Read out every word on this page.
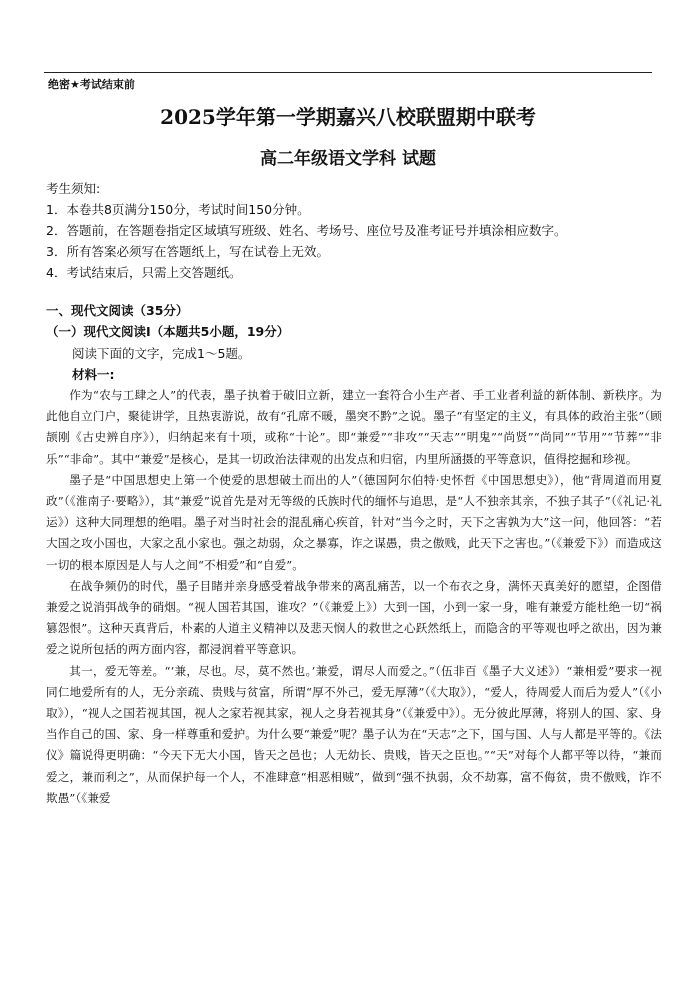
绝密★考试结束前
2025学年第一学期嘉兴八校联盟期中联考
高二年级语文学科 试题
考生须知:
1．本卷共8页满分150分，考试时间150分钟。
2．答题前，在答题卷指定区域填写班级、姓名、考场号、座位号及准考证号并填涂相应数字。
3．所有答案必须写在答题纸上，写在试卷上无效。
4．考试结束后，只需上交答题纸。
一、现代文阅读（35分）
（一）现代文阅读Ⅰ（本题共5小题，19分）
阅读下面的文字，完成1～5题。
材料一:

作为“农与工肆之人”的代表，墨子执着于破旧立新，建立一套符合小生产者、手工业者利益的新体制、新秩序。为此他自立门户，聚徒讲学，且热衷游说，故有“孔席不暖，墨突不黔”之说。墨子“有坚定的主义，有具体的政治主张”（顾颉刚《古史辨自序》），归纳起来有十项，或称“十论”。即“兼爱”“非攻”“天志”“明鬼”“尚贤”“尚同”“节用”“节葬”“非乐”“非命”。其中“兼爱”是核心，是其一切政治法律观的出发点和归宿，内里所涵摄的平等意识，值得挖掘和珍视。

墨子是“中国思想史上第一个使爱的思想破土而出的人”（德国阿尔伯特·史怀哲《中国思想史》），他“背周道而用夏政”（《淮南子·要略》），其“兼爱”说首先是对无等级的氏族时代的缅怀与追思，是“人不独亲其亲，不独子其子”（《礼记·礼运》）这种大同理想的绝唱。墨子对当时社会的混乱痛心疾首，针对“当今之时，天下之害孰为大”这一问，他回答：“若大国之攻小国也，大家之乱小家也。强之劫弱，众之暴寡，诈之谋愚，贵之傲贱，此天下之害也。”（《兼爱下》）而造成这一切的根本原因是人与人之间“不相爱”和“自爱”。

在战争频仍的时代，墨子目睹并亲身感受着战争带来的离乱痛苦，以一个布衣之身，满怀天真美好的愿望，企图借兼爱之说消弭战争的硝烟。“视人国若其国，谁攻？”（《兼爱上》）大到一国，小到一家一身，唯有兼爱方能杜绝一切“祸篡怨恨”。这种天真背后，朴素的人道主义精神以及悲天悯人的救世之心跃然纸上，而隐含的平等观也呼之欲出，因为兼爱之说所包括的两方面内容，都浸润着平等意识。

其一，爱无等差。“‘兼，尽也。尽，莫不然也。’兼爱，谓尽人而爱之。”（伍非百《墨子大义述》）“兼相爱”要求一视同仁地爱所有的人，无分亲疏、贵贱与贫富，所谓“厚不外己，爱无厚薄”（《大取》），“爱人，待周爱人而后为爱人”（《小取》），“视人之国若视其国，视人之家若视其家，视人之身若视其身”（《兼爱中》）。无分彼此厚薄，将别人的国、家、身当作自己的国、家、身一样尊重和爱护。为什么要“兼爱”呢？墨子认为在“天志”之下，国与国、人与人都是平等的。《法仪》篇说得更明确：“今天下无大小国，皆天之邑也；人无幼长、贵贱，皆天之臣也。”“天”对每个人都平等以待，“兼而爱之，兼而利之”，从而保护每一个人，不准肆意“相恶相贼”，做到“强不执弱，众不劫寡，富不侮贫，贵不傲贱，诈不欺愚”（《兼爱
